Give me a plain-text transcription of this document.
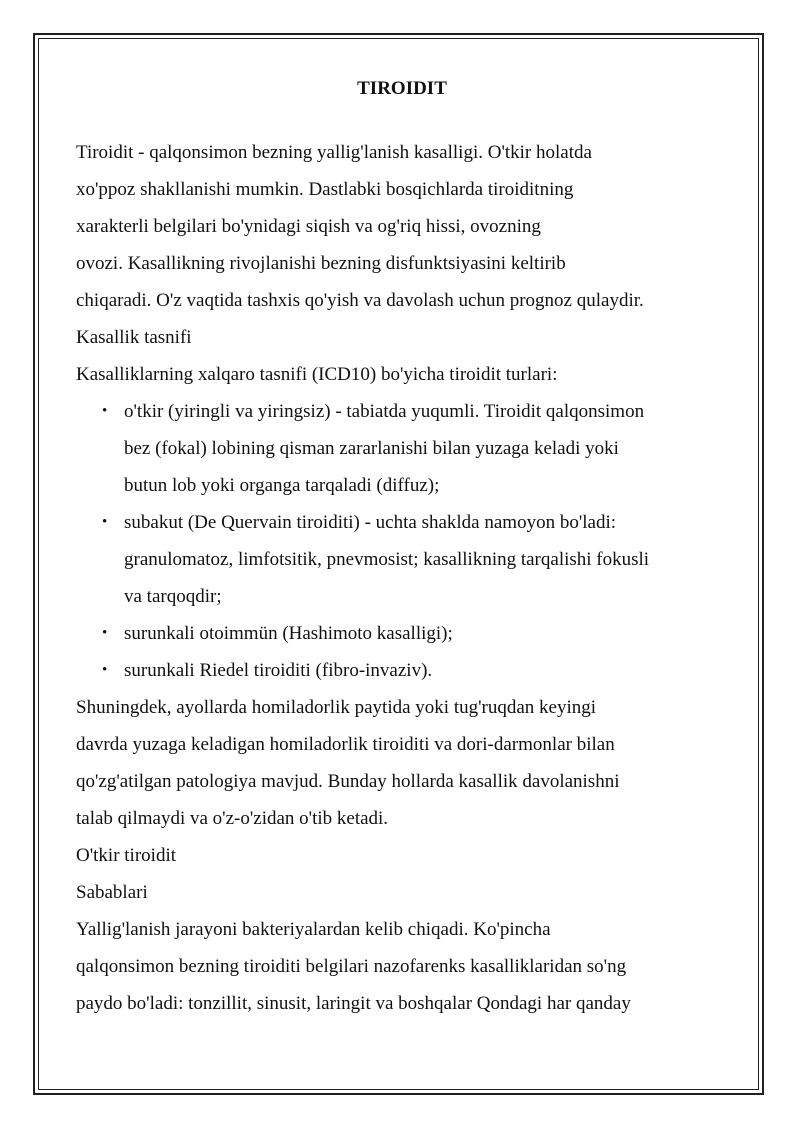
TIROIDIT

Tiroidit - qalqonsimon bezning yallig'lanish kasalligi. O'tkir holatda
xo'ppoz shakllanishi mumkin. Dastlabki bosqichlarda tiroiditning
xarakterli belgilari bo'ynidagi siqish va og'riq hissi, ovozning
ovozi. Kasallikning rivojlanishi bezning disfunktsiyasini keltirib
chiqaradi. O'z vaqtida tashxis qo'yish va davolash uchun prognoz qulaydir.

Kasallik tasnifi

Kasalliklarning xalqaro tasnifi (ICD10) bo'yicha tiroidit turlari:

• o'tkir (yiringli va yiringsiz) - tabiatda yuqumli. Tiroidit qalqonsimon
bez (fokal) lobining qisman zararlanishi bilan yuzaga keladi yoki
butun lob yoki organga tarqaladi (diffuz);
• subakut (De Quervain tiroiditi) - uchta shaklda namoyon bo'ladi:
granulomatoz, limfotsitik, pnevmosist; kasallikning tarqalishi fokusli
va tarqoqdir;
• surunkali otoimmün (Hashimoto kasalligi);
• surunkali Riedel tiroiditi (fibro-invaziv).

Shuningdek, ayollarda homiladorlik paytida yoki tug'ruqdan keyingi
davrda yuzaga keladigan homiladorlik tiroiditi va dori-darmonlar bilan
qo'zg'atilgan patologiya mavjud. Bunday hollarda kasallik davolanishni
talab qilmaydi va o'z-o'zidan o'tib ketadi.

O'tkir tiroidit

Sabablari

Yallig'lanish jarayoni bakteriyalardan kelib chiqadi. Ko'pincha
qalqonsimon bezning tiroiditi belgilari nazofarenks kasalliklaridan so'ng
paydo bo'ladi: tonzillit, sinusit, laringit va boshqalar Qondagi har qanday
